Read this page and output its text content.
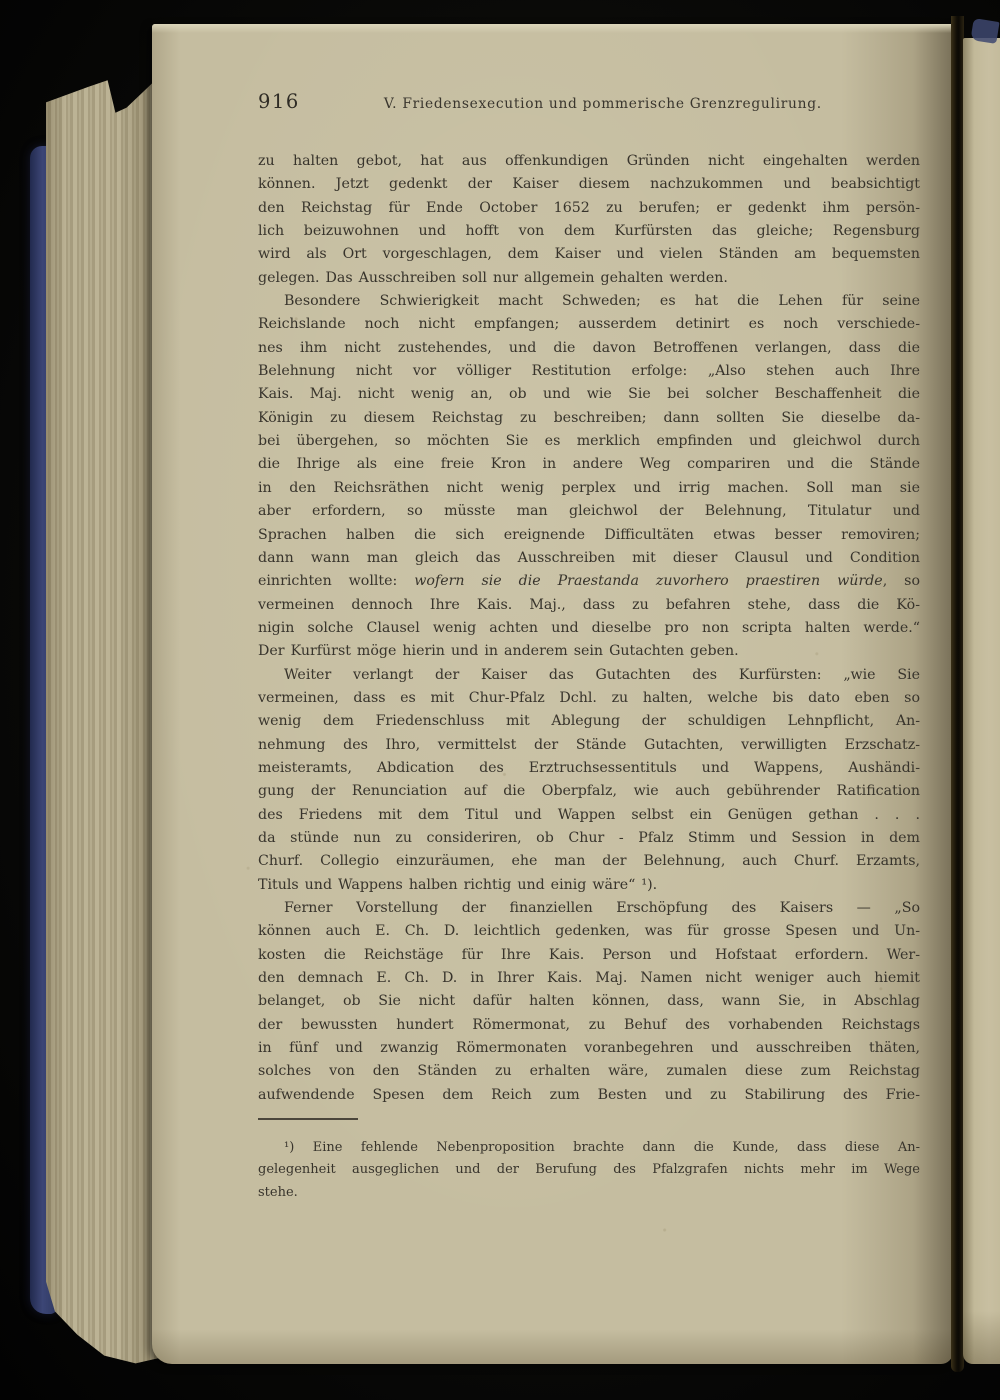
916	V. Friedensexecution und pommerische Grenzregulirung.
zu halten gebot, hat aus offenkundigen Gründen nicht eingehalten werden
können. Jetzt gedenkt der Kaiser diesem nachzukommen und beabsichtigt
den Reichstag für Ende October 1652 zu berufen; er gedenkt ihm persön-
lich beizuwohnen und hofft von dem Kurfürsten das gleiche; Regensburg
wird als Ort vorgeschlagen, dem Kaiser und vielen Ständen am bequemsten
gelegen. Das Ausschreiben soll nur allgemein gehalten werden.
Besondere Schwierigkeit macht Schweden; es hat die Lehen für seine
Reichslande noch nicht empfangen; ausserdem detinirt es noch verschiede-
nes ihm nicht zustehendes, und die davon Betroffenen verlangen, dass die
Belehnung nicht vor völliger Restitution erfolge: „Also stehen auch Ihre
Kais. Maj. nicht wenig an, ob und wie Sie bei solcher Beschaffenheit die
Königin zu diesem Reichstag zu beschreiben; dann sollten Sie dieselbe da-
bei übergehen, so möchten Sie es merklich empfinden und gleichwol durch
die Ihrige als eine freie Kron in andere Weg compariren und die Stände
in den Reichsräthen nicht wenig perplex und irrig machen. Soll man sie
aber erfordern, so müsste man gleichwol der Belehnung, Titulatur und
Sprachen halben die sich ereignende Difficultäten etwas besser removiren;
dann wann man gleich das Ausschreiben mit dieser Clausul und Condition
einrichten wollte: wofern sie die Praestanda zuvorhero praestiren würde, so
vermeinen dennoch Ihre Kais. Maj., dass zu befahren stehe, dass die Kö-
nigin solche Clausel wenig achten und dieselbe pro non scripta halten werde.“
Der Kurfürst möge hierin und in anderem sein Gutachten geben.
Weiter verlangt der Kaiser das Gutachten des Kurfürsten: „wie Sie
vermeinen, dass es mit Chur-Pfalz Dchl. zu halten, welche bis dato eben so
wenig dem Friedenschluss mit Ablegung der schuldigen Lehnpflicht, An-
nehmung des Ihro, vermittelst der Stände Gutachten, verwilligten Erzschatz-
meisteramts, Abdication des Erztruchsessentituls und Wappens, Aushändi-
gung der Renunciation auf die Oberpfalz, wie auch gebührender Ratification
des Friedens mit dem Titul und Wappen selbst ein Genügen gethan . . .
da stünde nun zu consideriren, ob Chur - Pfalz Stimm und Session in dem
Churf. Collegio einzuräumen, ehe man der Belehnung, auch Churf. Erzamts,
Tituls und Wappens halben richtig und einig wäre“ ¹).
Ferner Vorstellung der finanziellen Erschöpfung des Kaisers — „So
können auch E. Ch. D. leichtlich gedenken, was für grosse Spesen und Un-
kosten die Reichstäge für Ihre Kais. Person und Hofstaat erfordern. Wer-
den demnach E. Ch. D. in Ihrer Kais. Maj. Namen nicht weniger auch hiemit
belanget, ob Sie nicht dafür halten können, dass, wann Sie, in Abschlag
der bewussten hundert Römermonat, zu Behuf des vorhabenden Reichstags
in fünf und zwanzig Römermonaten voranbegehren und ausschreiben thäten,
solches von den Ständen zu erhalten wäre, zumalen diese zum Reichstag
aufwendende Spesen dem Reich zum Besten und zu Stabilirung des Frie-
¹) Eine fehlende Nebenproposition brachte dann die Kunde, dass diese An-
gelegenheit ausgeglichen und der Berufung des Pfalzgrafen nichts mehr im Wege
stehe.
